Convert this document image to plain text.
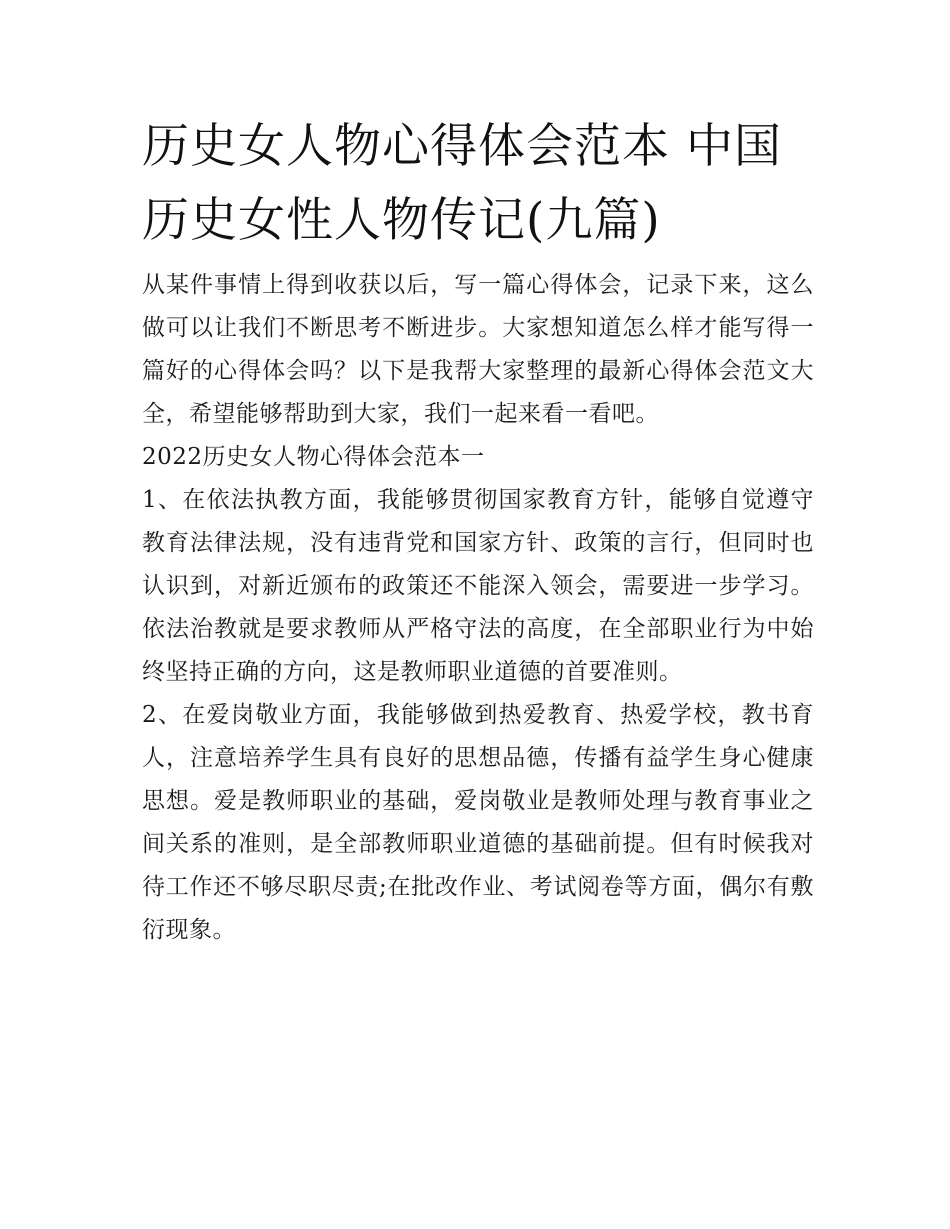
历史女人物心得体会范本 中国历史女性人物传记(九篇)

从某件事情上得到收获以后，写一篇心得体会，记录下来，这么做可以让我们不断思考不断进步。大家想知道怎么样才能写得一篇好的心得体会吗？以下是我帮大家整理的最新心得体会范文大全，希望能够帮助到大家，我们一起来看一看吧。

2022历史女人物心得体会范本一

1、在依法执教方面，我能够贯彻国家教育方针，能够自觉遵守教育法律法规，没有违背党和国家方针、政策的言行，但同时也认识到，对新近颁布的政策还不能深入领会，需要进一步学习。依法治教就是要求教师从严格守法的高度，在全部职业行为中始终坚持正确的方向，这是教师职业道德的首要准则。

2、在爱岗敬业方面，我能够做到热爱教育、热爱学校，教书育人，注意培养学生具有良好的思想品德，传播有益学生身心健康思想。爱是教师职业的基础，爱岗敬业是教师处理与教育事业之间关系的准则，是全部教师职业道德的基础前提。但有时候我对待工作还不够尽职尽责;在批改作业、考试阅卷等方面，偶尔有敷衍现象。
